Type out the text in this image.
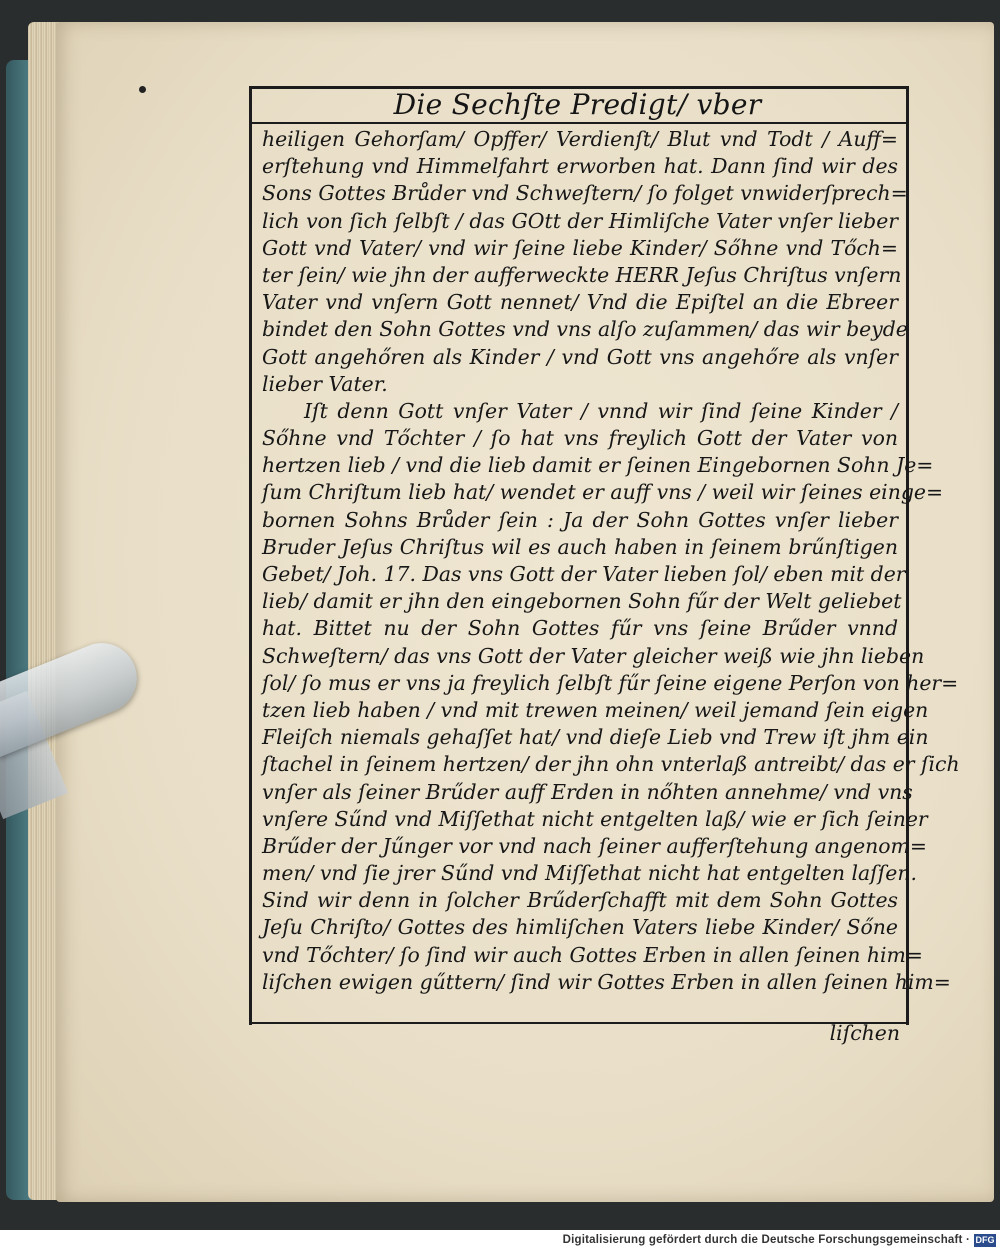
Die Sechſte Predigt/ vber
heiligen Gehorſam/ Opffer/ Verdienſt/ Blut vnd Todt / Auff=
erſtehung vnd Himmelfahrt erworben hat. Dann ſind wir des
Sons Gottes Brůder vnd Schweſtern/ ſo folget vnwiderſprech=
lich von ſich ſelbſt / das GOtt der Himliſche Vater vnſer lieber
Gott vnd Vater/ vnd wir ſeine liebe Kinder/ Sőhne vnd Tőch=
ter ſein/ wie jhn der aufferweckte HERR Jeſus Chriſtus vnſern
Vater vnd vnſern Gott nennet/ Vnd die Epiſtel an die Ebreer
bindet den Sohn Gottes vnd vns alſo zuſammen/ das wir beyde
Gott angehőren als Kinder / vnd Gott vns angehőre als vnſer
lieber Vater.
Iſt denn Gott vnſer Vater / vnnd wir ſind ſeine Kinder /
Sőhne vnd Tőchter / ſo hat vns freylich Gott der Vater von
hertzen lieb / vnd die lieb damit er ſeinen Eingebornen Sohn Je=
ſum Chriſtum lieb hat/ wendet er auff vns / weil wir ſeines einge=
bornen Sohns Brůder ſein : Ja der Sohn Gottes vnſer lieber
Bruder Jeſus Chriſtus wil es auch haben in ſeinem brűnſtigen
Gebet/ Joh. 17. Das vns Gott der Vater lieben ſol/ eben mit der
lieb/ damit er jhn den eingebornen Sohn fűr der Welt geliebet
hat. Bittet nu der Sohn Gottes fűr vns ſeine Brűder vnnd
Schweſtern/ das vns Gott der Vater gleicher weiß wie jhn lieben
ſol/ ſo mus er vns ja freylich ſelbſt fűr ſeine eigene Perſon von her=
tzen lieb haben / vnd mit trewen meinen/ weil jemand ſein eigen
Fleiſch niemals gehaſſet hat/ vnd dieſe Lieb vnd Trew iſt jhm ein
ſtachel in ſeinem hertzen/ der jhn ohn vnterlaß antreibt/ das er ſich
vnſer als ſeiner Brűder auff Erden in nőhten annehme/ vnd vns
vnſere Sűnd vnd Miſſethat nicht entgelten laß/ wie er ſich ſeiner
Brűder der Jűnger vor vnd nach ſeiner aufferſtehung angenom=
men/ vnd ſie jrer Sűnd vnd Miſſethat nicht hat entgelten laſſen.
Sind wir denn in ſolcher Brűderſchafft mit dem Sohn Gottes
Jeſu Chriſto/ Gottes des himliſchen Vaters liebe Kinder/ Sőne
vnd Tőchter/ ſo ſind wir auch Gottes Erben in allen ſeinen him=
liſchen ewigen gűttern/ ſind wir Gottes Erben in allen ſeinen him=
liſchen
Digitalisierung gefördert durch die Deutsche Forschungsgemeinschaft · DFG
